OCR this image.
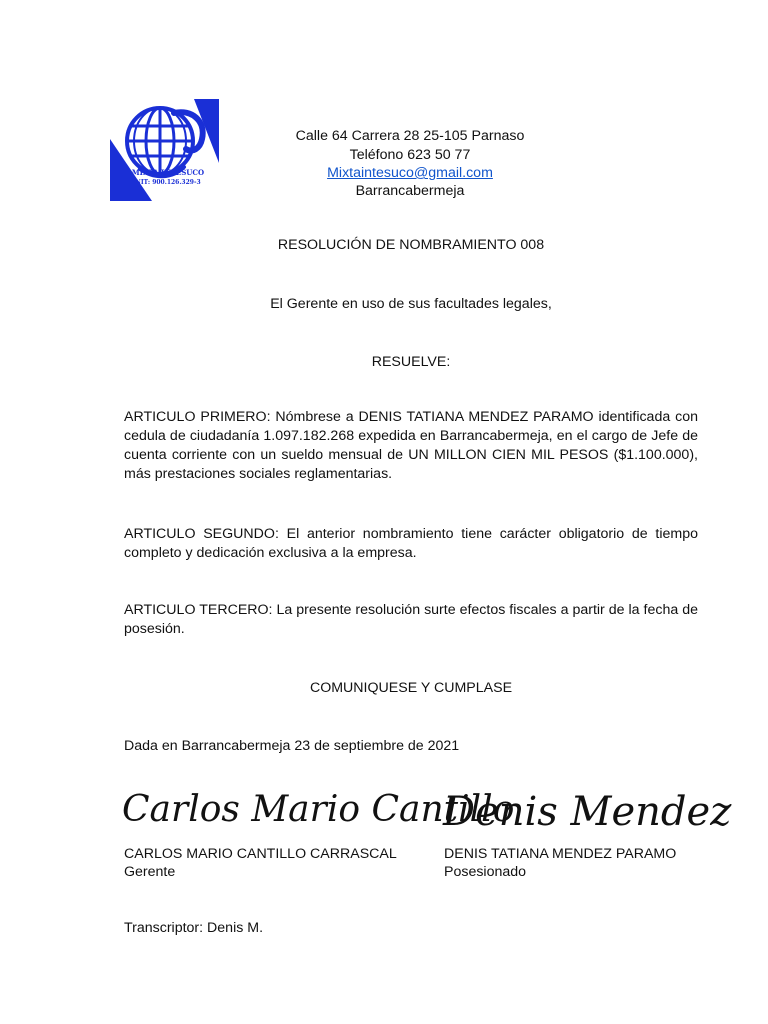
MIXTA INTESUCO
NIT: 900.126.329-3
Calle 64 Carrera 28 25-105 Parnaso
Teléfono 623 50 77
Mixtaintesuco@gmail.com
Barrancabermeja
RESOLUCIÓN DE NOMBRAMIENTO 008
El Gerente en uso de sus facultades legales,
RESUELVE:
ARTICULO PRIMERO: Nómbrese a DENIS TATIANA MENDEZ PARAMO identificada con cedula de ciudadanía 1.097.182.268 expedida en Barrancabermeja, en el cargo de Jefe de cuenta corriente con un sueldo mensual de UN MILLON CIEN MIL PESOS ($1.100.000), más prestaciones sociales reglamentarias.
ARTICULO SEGUNDO: El anterior nombramiento tiene carácter obligatorio de tiempo completo y dedicación exclusiva a la empresa.
ARTICULO TERCERO: La presente resolución surte efectos fiscales a partir de la fecha de posesión.
COMUNIQUESE Y CUMPLASE
Dada en Barrancabermeja 23 de septiembre de 2021
Carlos Mario Cantillo
Denis Mendez
CARLOS MARIO CANTILLO CARRASCAL
Gerente
DENIS TATIANA MENDEZ PARAMO
Posesionado
Transcriptor: Denis M.
